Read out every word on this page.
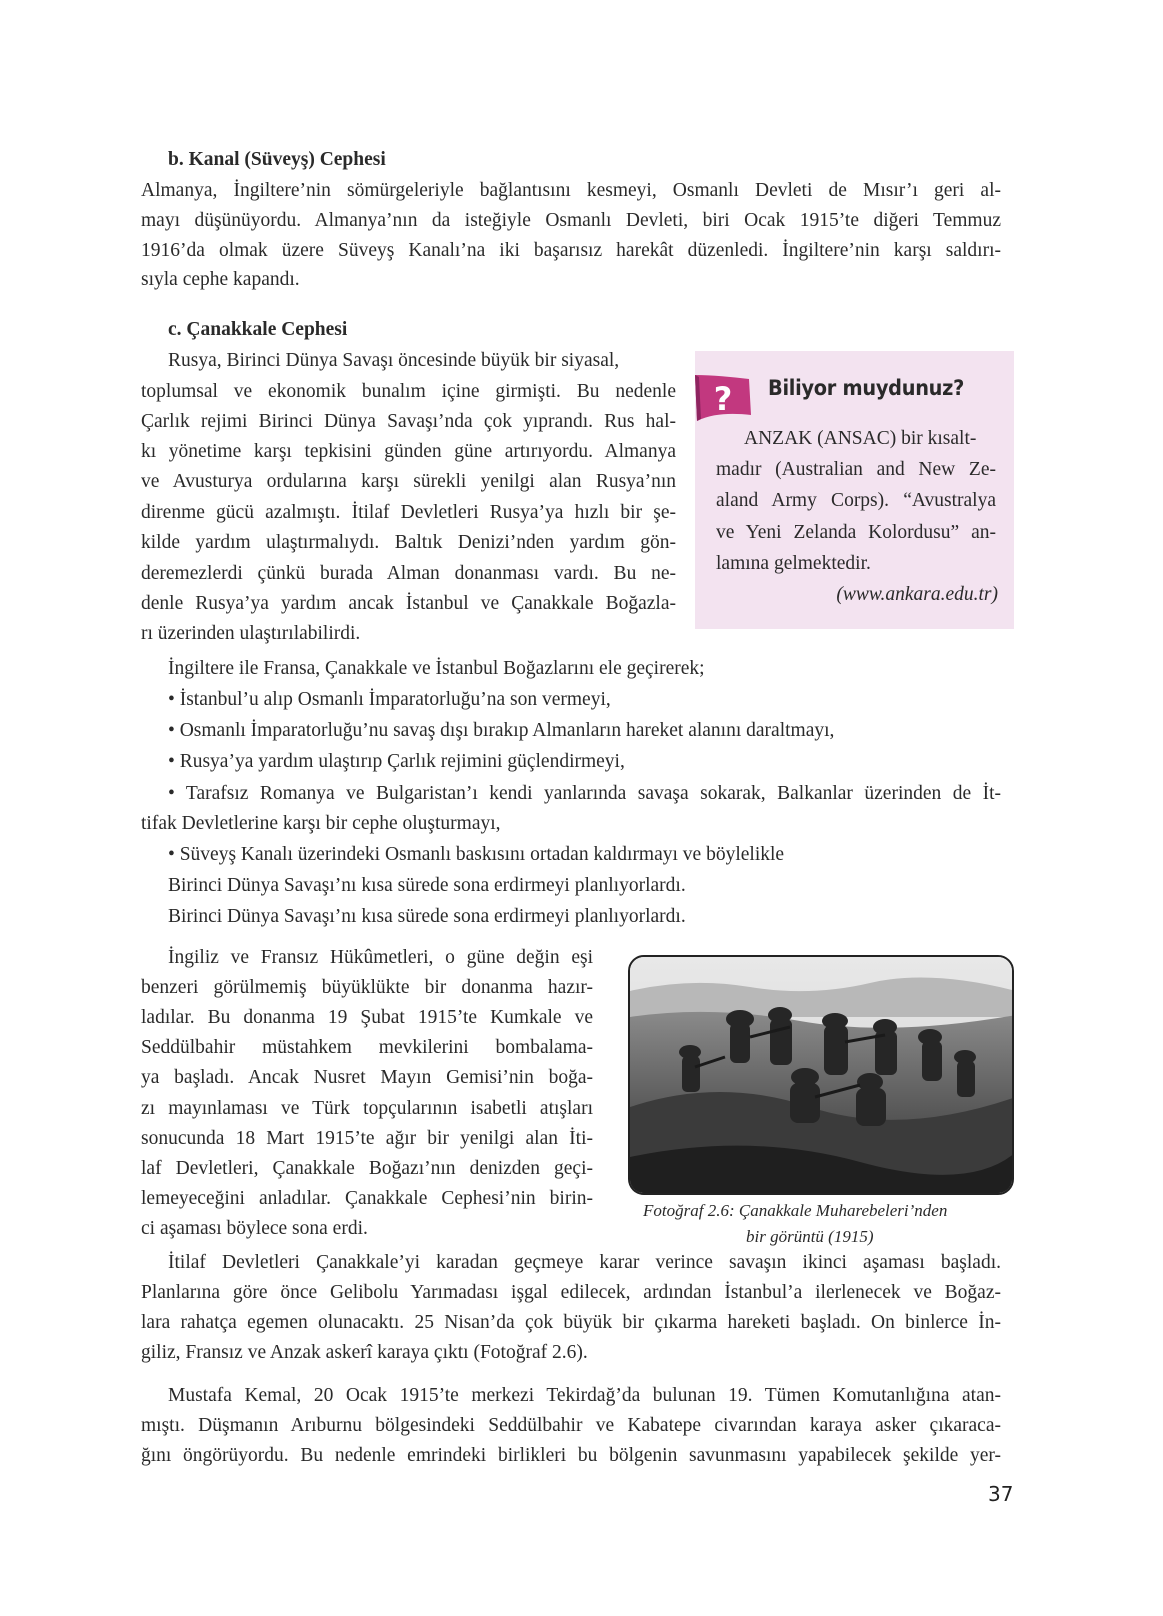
b. Kanal (Süveyş) Cephesi
Almanya, İngiltere’nin sömürgeleriyle bağlantısını kesmeyi, Osmanlı Devleti de Mısır’ı geri al-
mayı düşünüyordu. Almanya’nın da isteğiyle Osmanlı Devleti, biri Ocak 1915’te diğeri Temmuz
1916’da olmak üzere Süveyş Kanalı’na iki başarısız harekât düzenledi. İngiltere’nin karşı saldırı-
sıyla cephe kapandı.
c. Çanakkale Cephesi
Rusya, Birinci Dünya Savaşı öncesinde büyük bir siyasal,
toplumsal ve ekonomik bunalım içine girmişti. Bu nedenle
Çarlık rejimi Birinci Dünya Savaşı’nda çok yıprandı. Rus hal-
kı yönetime karşı tepkisini günden güne artırıyordu. Almanya
ve Avusturya ordularına karşı sürekli yenilgi alan Rusya’nın
direnme gücü azalmıştı. İtilaf Devletleri Rusya’ya hızlı bir şe-
kilde yardım ulaştırmalıydı. Baltık Denizi’nden yardım gön-
deremezlerdi çünkü burada Alman donanması vardı. Bu ne-
denle Rusya’ya yardım ancak İstanbul ve Çanakkale Boğazla-
rı üzerinden ulaştırılabilirdi.
? Biliyor muydunuz?
ANZAK (ANSAC) bir kısalt-
madır (Australian and New Ze-
aland Army Corps). “Avustralya
ve Yeni Zelanda Kolordusu” an-
lamına gelmektedir.
(www.ankara.edu.tr)
İngiltere ile Fransa, Çanakkale ve İstanbul Boğazlarını ele geçirerek;
• İstanbul’u alıp Osmanlı İmparatorluğu’na son vermeyi,
• Osmanlı İmparatorluğu’nu savaş dışı bırakıp Almanların hareket alanını daraltmayı,
• Rusya’ya yardım ulaştırıp Çarlık rejimini güçlendirmeyi,
• Tarafsız Romanya ve Bulgaristan’ı kendi yanlarında savaşa sokarak, Balkanlar üzerinden de İt-
tifak Devletlerine karşı bir cephe oluşturmayı,
• Süveyş Kanalı üzerindeki Osmanlı baskısını ortadan kaldırmayı ve böylelikle
Birinci Dünya Savaşı’nı kısa sürede sona erdirmeyi planlıyorlardı.
Birinci Dünya Savaşı’nı kısa sürede sona erdirmeyi planlıyorlardı.
İngiliz ve Fransız Hükûmetleri, o güne değin eşi
benzeri görülmemiş büyüklükte bir donanma hazır-
ladılar. Bu donanma 19 Şubat 1915’te Kumkale ve
Seddülbahir müstahkem mevkilerini bombalama-
ya başladı. Ancak Nusret Mayın Gemisi’nin boğa-
zı mayınlaması ve Türk topçularının isabetli atışları
sonucunda 18 Mart 1915’te ağır bir yenilgi alan İti-
laf Devletleri, Çanakkale Boğazı’nın denizden geçi-
lemeyeceğini anladılar. Çanakkale Cephesi’nin birin-
ci aşaması böylece sona erdi.
Fotoğraf 2.6: Çanakkale Muharebeleri’nden
bir görüntü (1915)
İtilaf Devletleri Çanakkale’yi karadan geçmeye karar verince savaşın ikinci aşaması başladı.
Planlarına göre önce Gelibolu Yarımadası işgal edilecek, ardından İstanbul’a ilerlenecek ve Boğaz-
lara rahatça egemen olunacaktı. 25 Nisan’da çok büyük bir çıkarma hareketi başladı. On binlerce İn-
giliz, Fransız ve Anzak askerî karaya çıktı (Fotoğraf 2.6).
Mustafa Kemal, 20 Ocak 1915’te merkezi Tekirdağ’da bulunan 19. Tümen Komutanlığına atan-
mıştı. Düşmanın Arıburnu bölgesindeki Seddülbahir ve Kabatepe civarından karaya asker çıkaraca-
ğını öngörüyordu. Bu nedenle emrindeki birlikleri bu bölgenin savunmasını yapabilecek şekilde yer-
37
